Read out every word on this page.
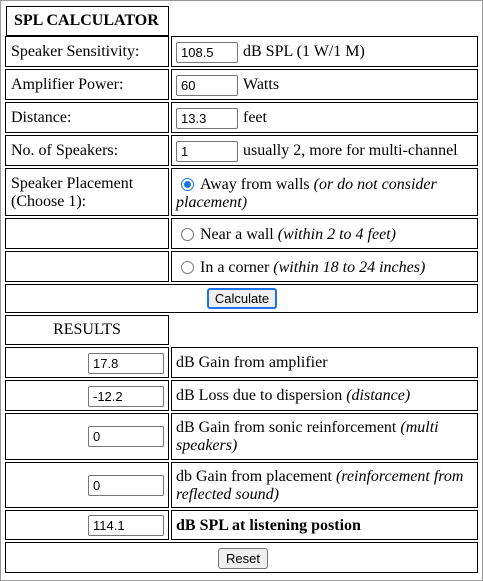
SPL CALCULATOR
Speaker Sensitivity:
108.5	dB SPL (1 W/1 M)
Amplifier Power:
60	Watts
Distance:
13.3	feet
No. of Speakers:
1	usually 2, more for multi-channel
Speaker Placement (Choose 1):
Away from walls (or do not consider placement)
Near a wall (within 2 to 4 feet)
In a corner (within 18 to 24 inches)
Calculate
RESULTS
17.8
dB Gain from amplifier
-12.2
dB Loss due to dispersion (distance)
0
dB Gain from sonic reinforcement (multi speakers)
0
db Gain from placement (reinforcement from reflected sound)
114.1
dB SPL at listening postion
Reset
